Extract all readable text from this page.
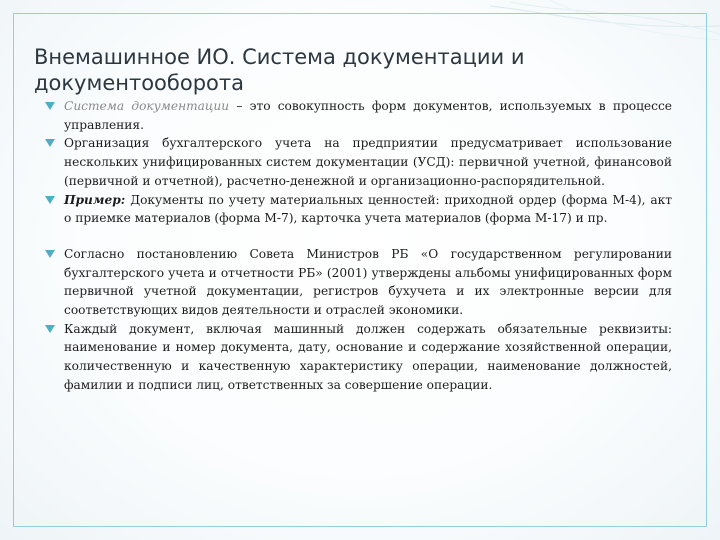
Внемашинное ИО. Система документации и документооборота
Система документации – это совокупность форм документов, используемых в процессе управления.
Организация бухгалтерского учета на предприятии предусматривает использование нескольких унифицированных систем документации (УСД): первичной учетной, финансовой (первичной и отчетной), расчетно-денежной и организационно-распорядительной.
Пример: Документы по учету материальных ценностей: приходной ордер (форма М-4), акт о приемке материалов (форма М-7), карточка учета материалов (форма М-17) и пр.
Согласно постановлению Совета Министров РБ «О государственном регулировании бухгалтерского учета и отчетности РБ» (2001) утверждены альбомы унифицированных форм первичной учетной документации, регистров бухучета и их электронные версии для соответствующих видов деятельности и отраслей экономики.
Каждый документ, включая машинный должен содержать обязательные реквизиты: наименование и номер документа, дату, основание и содержание хозяйственной операции, количественную и качественную характеристику операции, наименование должностей, фамилии и подписи лиц, ответственных за совершение операции.
